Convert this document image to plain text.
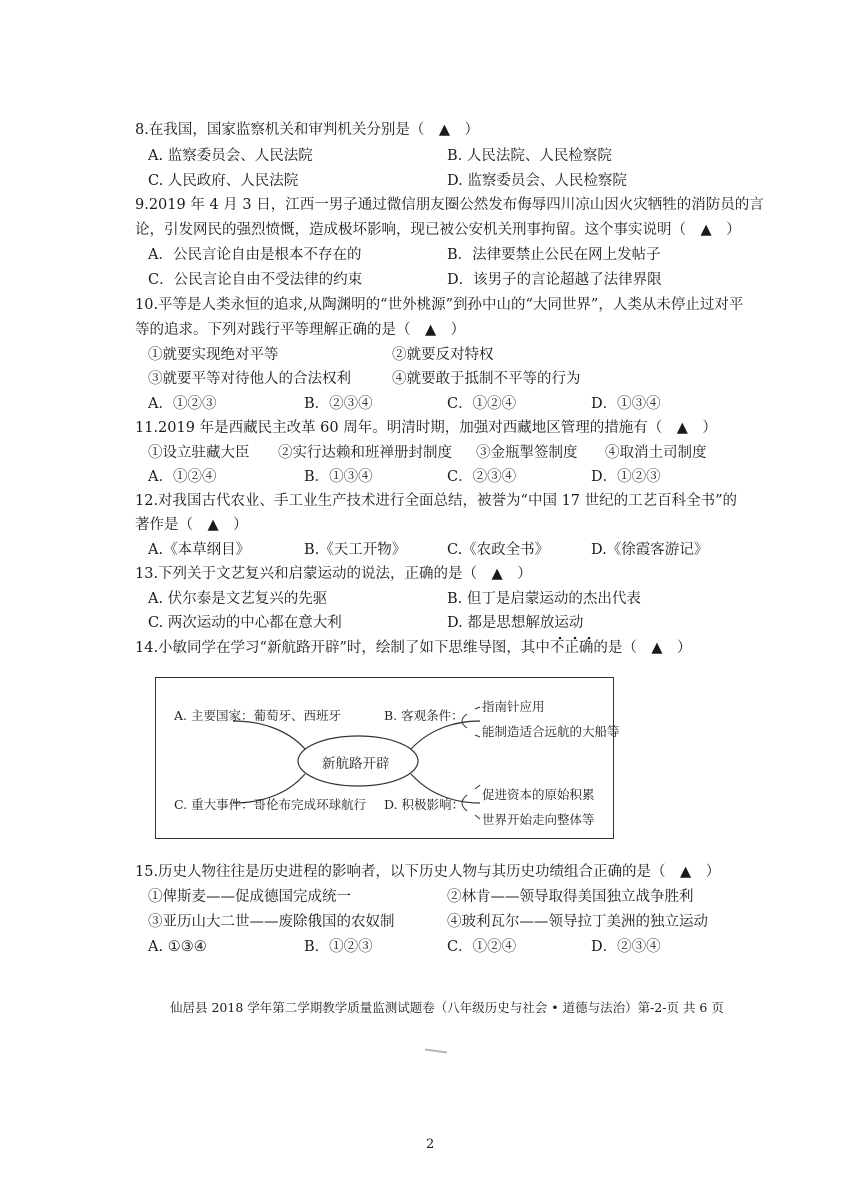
8.在我国，国家监察机关和审判机关分别是（　▲　）
A. 监察委员会、人民法院	B. 人民法院、人民检察院
C. 人民政府、人民法院	D. 监察委员会、人民检察院
9.2019 年 4 月 3 日，江西一男子通过微信朋友圈公然发布侮辱四川凉山因火灾牺牲的消防员的言
论，引发网民的强烈愤慨，造成极坏影响，现已被公安机关刑事拘留。这个事实说明（　▲　）
A．公民言论自由是根本不存在的	B．法律要禁止公民在网上发帖子
C．公民言论自由不受法律的约束	D．该男子的言论超越了法律界限
10.平等是人类永恒的追求,从陶渊明的“世外桃源”到孙中山的“大同世界”，人类从未停止过对平
等的追求。下列对践行平等理解正确的是（　▲　）
①就要实现绝对平等	②就要反对特权
③就要平等对待他人的合法权利	④就要敢于抵制不平等的行为
A．①②③	B．②③④	C．①②④	D．①③④
11.2019 年是西藏民主改革 60 周年。明清时期，加强对西藏地区管理的措施有（　▲　）
①设立驻藏大臣 ②实行达赖和班禅册封制度 ③金瓶掣签制度 ④取消土司制度
A．①②④	B．①③④	C．②③④	D．①②③
12.对我国古代农业、手工业生产技术进行全面总结，被誉为“中国 17 世纪的工艺百科全书”的
著作是（　▲　）
A.《本草纲目》	B.《天工开物》	C.《农政全书》	D.《徐霞客游记》
13.下列关于文艺复兴和启蒙运动的说法，正确的是（　▲　）
A. 伏尔泰是文艺复兴的先驱	B. 但丁是启蒙运动的杰出代表
C. 两次运动的中心都在意大利	D. 都是思想解放运动
14.小敏同学在学习“新航路开辟”时，绘制了如下思维导图，其中不正确的是（　▲　）
A. 主要国家：葡萄牙、西班牙	B. 客观条件：
指南针应用
能制造适合远航的大船等
新航路开辟
C. 重大事件：哥伦布完成环球航行 D. 积极影响：
促进资本的原始积累
世界开始走向整体等
15.历史人物往往是历史进程的影响者，以下历史人物与其历史功绩组合正确的是（　▲　）
①俾斯麦——促成德国完成统一	②林肯——领导取得美国独立战争胜利
③亚历山大二世——废除俄国的农奴制	④玻利瓦尔——领导拉丁美洲的独立运动
A. ①③④	B．①②③	C．①②④	D．②③④
仙居县 2018 学年第二学期教学质量监测试题卷（八年级历史与社会 • 道德与法治）第-2-页 共 6 页
2
